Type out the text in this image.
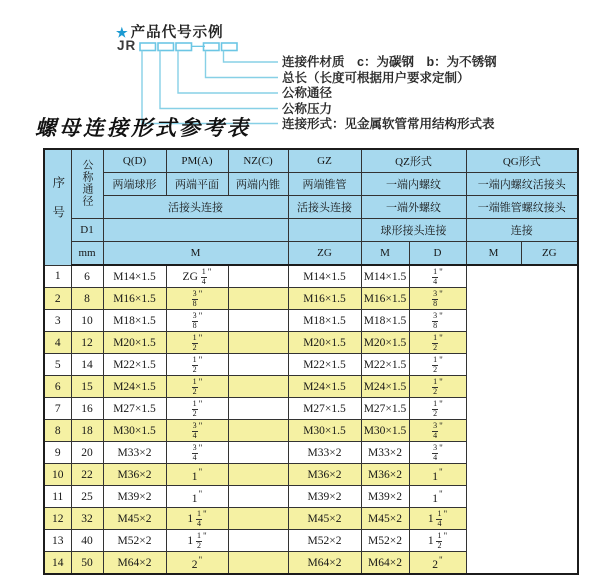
★ 产品代号示例
JR	—
连接件材质　c：为碳钢　b：为不锈钢
总长（长度可根据用户要求定制）
公称通径
公称压力
连接形式：见金属软管常用结构形式表
螺母连接形式参考表
序号	公称通径	Q(D)	PM(A)	NZ(C)	GZ	QZ形式		QG形式	
		两端球形	两端平面	两端内锥	两端锥管	一端内螺纹		一端内螺纹活接头	
		活接头连接			活接头连接	一端外螺纹		一端锥管螺纹接头	
	D1					球形接头连接		连接	
	mm	M			ZG	M	D	M	ZG
1	6	M14×1.5	ZG $\frac{1}{4} ^"$		M14×1.5	M14×1.5	$\frac{1}{4} ^"$
2	8	M16×1.5	$\frac{3}{8} ^"$		M16×1.5	M16×1.5	$\frac{3}{8} ^"$
3	10	M18×1.5	$\frac{3}{8} ^"$		M18×1.5	M18×1.5	$\frac{3}{8} ^"$
4	12	M20×1.5	$\frac{1}{2} ^"$		M20×1.5	M20×1.5	$\frac{1}{2} ^"$
5	14	M22×1.5	$\frac{1}{2} ^"$		M22×1.5	M22×1.5	$\frac{1}{2} ^"$
6	15	M24×1.5	$\frac{1}{2} ^"$		M24×1.5	M24×1.5	$\frac{1}{2} ^"$
7	16	M27×1.5	$\frac{1}{2} ^"$		M27×1.5	M27×1.5	$\frac{1}{2} ^"$
8	18	M30×1.5	$\frac{3}{4} ^"$		M30×1.5	M30×1.5	$\frac{3}{4} ^"$
9	20	M33×2	$\frac{3}{4} ^"$		M33×2	M33×2	$\frac{3}{4} ^"$
10	22	M36×2	1"		M36×2	M36×2	1"
11	25	M39×2	1"		M39×2	M39×2	1"
12	32	M45×2	$1 \frac{1}{4} ^"$		M45×2	M45×2	$1 \frac{1}{4} ^"$
13	40	M52×2	$1 \frac{1}{2} ^"$		M52×2	M52×2	$1 \frac{1}{2} ^"$
14	50	M64×2	2"		M64×2	M64×2	2"
